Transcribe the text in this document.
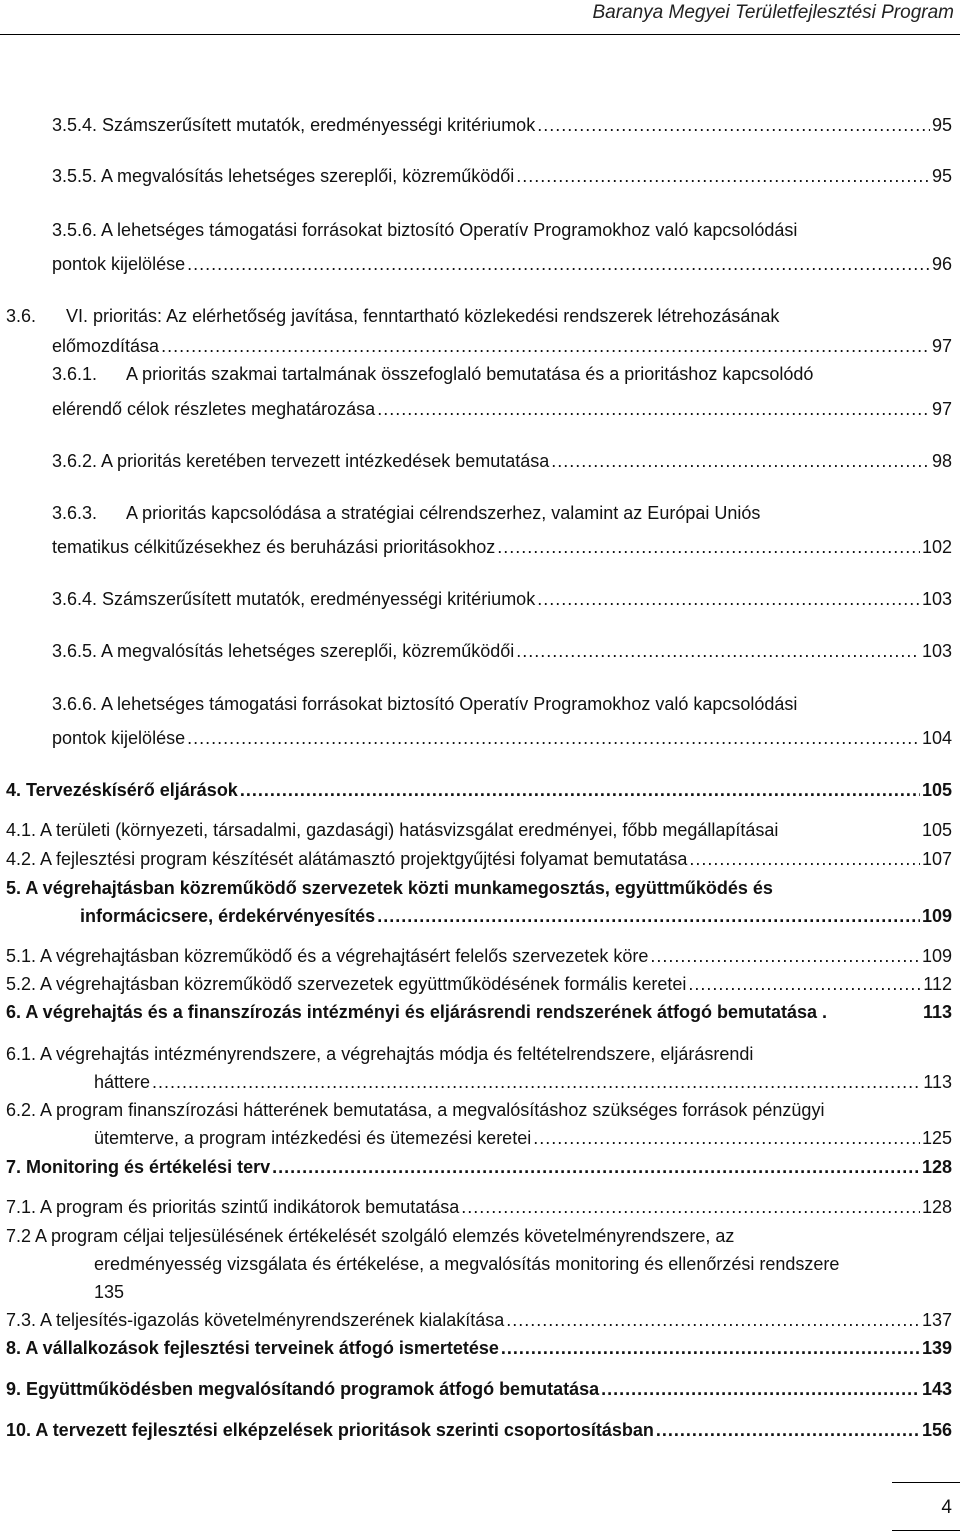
Baranya Megyei Területfejlesztési Program
3.5.4. Számszerűsített mutatók, eredményességi kritériumok .....	95
3.5.5. A megvalósítás lehetséges szereplői, közreműködői .....	95
3.5.6. A lehetséges támogatási forrásokat biztosító Operatív Programokhoz való kapcsolódási
pontok kijelölése .....	96
3.6.      VI. prioritás: Az elérhetőség javítása, fenntartható közlekedési rendszerek létrehozásának
előmozdítása .....	97
3.6.1.      A prioritás szakmai tartalmának összefoglaló bemutatása és a prioritáshoz kapcsolódó
elérendő célok részletes meghatározása .....	97
3.6.2. A prioritás keretében tervezett intézkedések bemutatása .....	98
3.6.3.      A prioritás kapcsolódása a stratégiai célrendszerhez, valamint az Európai Uniós
tematikus célkitűzésekhez és beruházási prioritásokhoz .....	102
3.6.4. Számszerűsített mutatók, eredményességi kritériumok .....	103
3.6.5. A megvalósítás lehetséges szereplői, közreműködői .....	103
3.6.6. A lehetséges támogatási forrásokat biztosító Operatív Programokhoz való kapcsolódási
pontok kijelölése .....	104
4. Tervezéskísérő eljárások .....	105
4.1. A területi (környezeti, társadalmi, gazdasági) hatásvizsgálat eredményei, főbb megállapításai	105
4.2. A fejlesztési program készítését alátámasztó projektgyűjtési folyamat bemutatása .....	107
5. A végrehajtásban közreműködő szervezetek közti munkamegosztás, együttműködés és
informácicsere, érdekérvényesítés .....	109
5.1. A végrehajtásban közreműködő és a végrehajtásért felelős szervezetek köre .....	109
5.2. A végrehajtásban közreműködő szervezetek együttműködésének formális keretei .....	112
6. A végrehajtás és a finanszírozás intézményi és eljárásrendi rendszerének átfogó bemutatása .	113
6.1. A végrehajtás intézményrendszere, a végrehajtás módja és feltételrendszere, eljárásrendi
háttere .....	113
6.2. A program finanszírozási hátterének bemutatása, a megvalósításhoz szükséges források pénzügyi
ütemterve, a program intézkedési és ütemezési keretei .....	125
7. Monitoring és értékelési terv .....	128
7.1. A program és prioritás szintű indikátorok bemutatása .....	128
7.2 A program céljai teljesülésének értékelését szolgáló elemzés követelményrendszere, az
eredményesség vizsgálata és értékelése, a megvalósítás monitoring és ellenőrzési rendszere
135
7.3. A teljesítés-igazolás követelményrendszerének kialakítása .....	137
8. A vállalkozások fejlesztési terveinek átfogó ismertetése .....	139
9. Együttműködésben megvalósítandó programok átfogó bemutatása .....	143
10. A tervezett fejlesztési elképzelések prioritások szerinti csoportosításban .....	156
4
